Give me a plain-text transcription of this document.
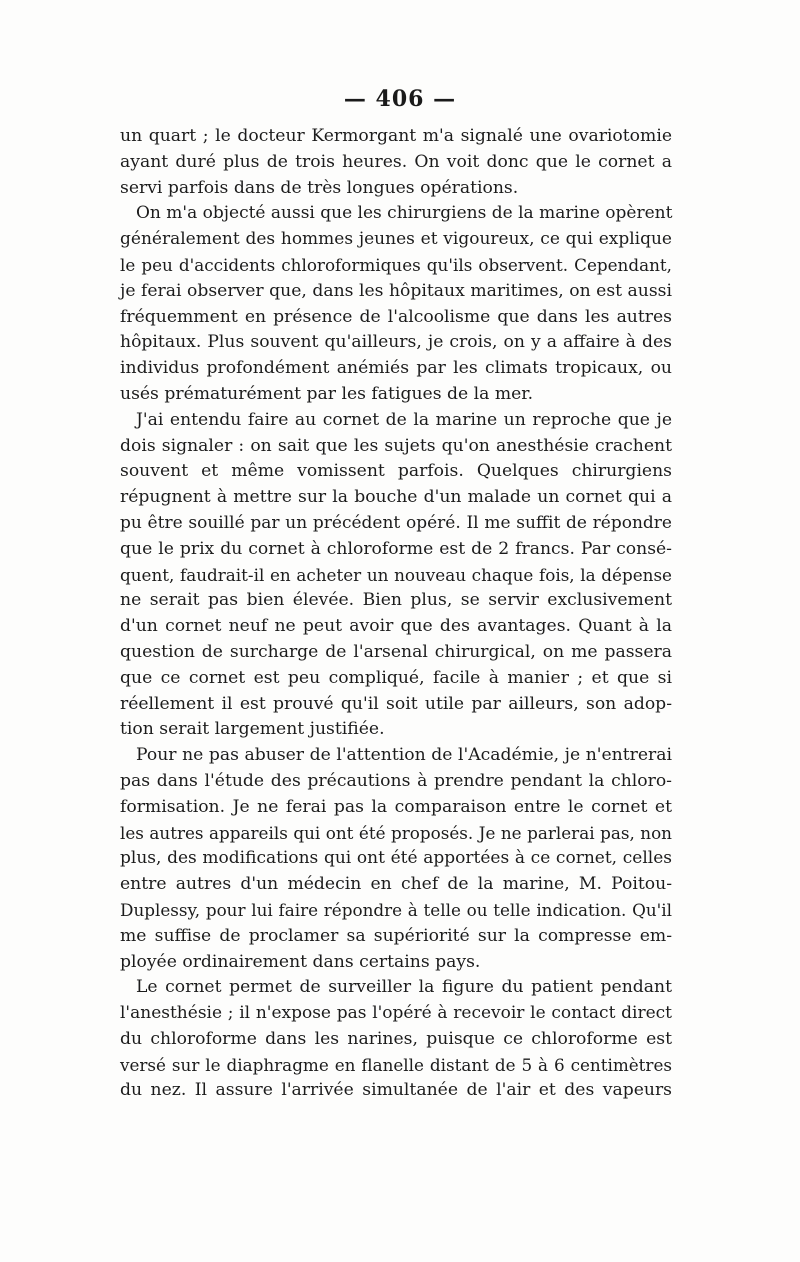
— 406 —
un quart ; le docteur Kermorgant m'a signalé une ovariotomie
ayant duré plus de trois heures. On voit donc que le cornet a
servi parfois dans de très longues opérations.
On m'a objecté aussi que les chirurgiens de la marine opèrent
généralement des hommes jeunes et vigoureux, ce qui explique
le peu d'accidents chloroformiques qu'ils observent. Cependant,
je ferai observer que, dans les hôpitaux maritimes, on est aussi
fréquemment en présence de l'alcoolisme que dans les autres
hôpitaux. Plus souvent qu'ailleurs, je crois, on y a affaire à des
individus profondément anémiés par les climats tropicaux, ou
usés prématurément par les fatigues de la mer.
J'ai entendu faire au cornet de la marine un reproche que je
dois signaler : on sait que les sujets qu'on anesthésie crachent
souvent et même vomissent parfois. Quelques chirurgiens
répugnent à mettre sur la bouche d'un malade un cornet qui a
pu être souillé par un précédent opéré. Il me suffit de répondre
que le prix du cornet à chloroforme est de 2 francs. Par consé-
quent, faudrait-il en acheter un nouveau chaque fois, la dépense
ne serait pas bien élevée. Bien plus, se servir exclusivement
d'un cornet neuf ne peut avoir que des avantages. Quant à la
question de surcharge de l'arsenal chirurgical, on me passera
que ce cornet est peu compliqué, facile à manier ; et que si
réellement il est prouvé qu'il soit utile par ailleurs, son adop-
tion serait largement justifiée.
Pour ne pas abuser de l'attention de l'Académie, je n'entrerai
pas dans l'étude des précautions à prendre pendant la chloro-
formisation. Je ne ferai pas la comparaison entre le cornet et
les autres appareils qui ont été proposés. Je ne parlerai pas, non
plus, des modifications qui ont été apportées à ce cornet, celles
entre autres d'un médecin en chef de la marine, M. Poitou-
Duplessy, pour lui faire répondre à telle ou telle indication. Qu'il
me suffise de proclamer sa supériorité sur la compresse em-
ployée ordinairement dans certains pays.
Le cornet permet de surveiller la figure du patient pendant
l'anesthésie ; il n'expose pas l'opéré à recevoir le contact direct
du chloroforme dans les narines, puisque ce chloroforme est
versé sur le diaphragme en flanelle distant de 5 à 6 centimètres
du nez. Il assure l'arrivée simultanée de l'air et des vapeurs
